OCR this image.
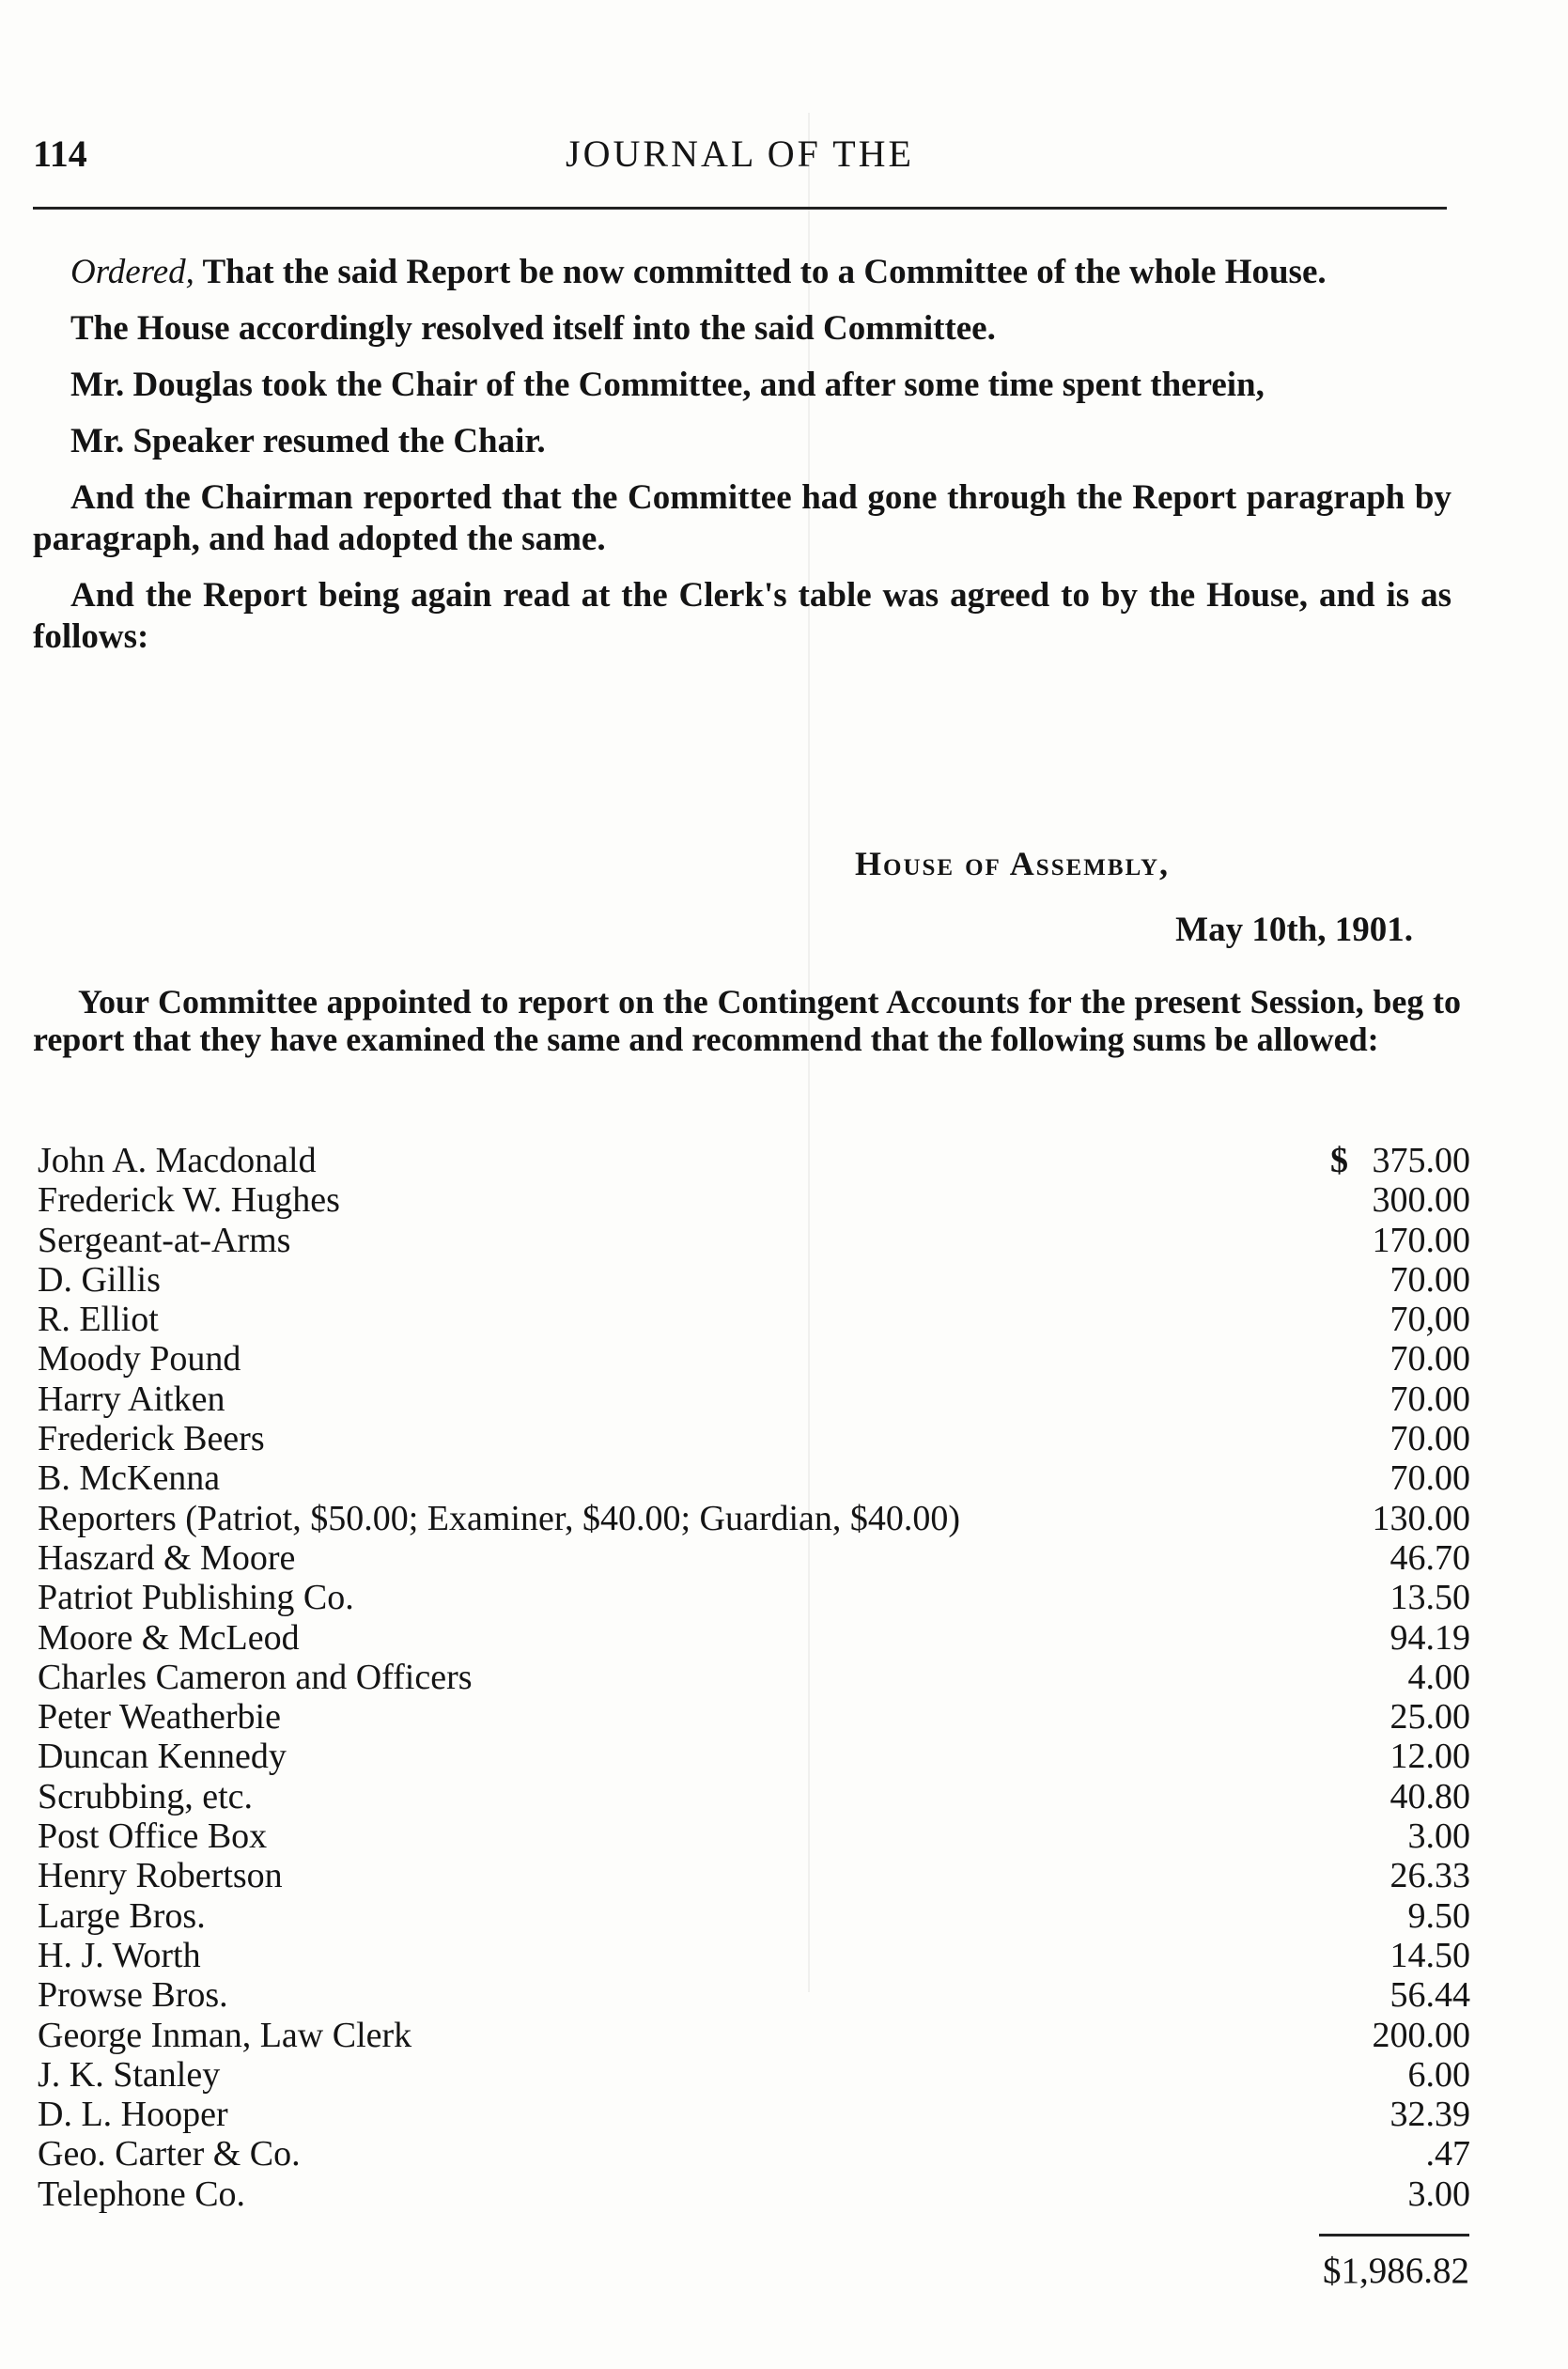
114	JOURNAL OF THE

Ordered, That the said Report be now committed to a Committee of the whole House.

The House accordingly resolved itself into the said Committee.

Mr. Douglas took the Chair of the Committee, and after some time spent therein,

Mr. Speaker resumed the Chair.

And the Chairman reported that the Committee had gone through the Report paragraph by paragraph, and had adopted the same.

And the Report being again read at the Clerk's table was agreed to by the House, and is as follows:

House of Assembly,
May 10th, 1901.
Your Committee appointed to report on the Contingent Accounts for the present Session, beg to report that they have examined the same and recommend that the following sums be allowed:
John A. Macdonald	$ 375.00
Frederick W. Hughes	300.00
Sergeant-at-Arms	170.00
D. Gillis	70.00
R. Elliot	70,00
Moody Pound	70.00
Harry Aitken	70.00
Frederick Beers	70.00
B. McKenna	70.00
Reporters (Patriot, $50.00; Examiner, $40.00; Guardian, $40.00)	130.00
Haszard & Moore	46.70
Patriot Publishing Co.	13.50
Moore & McLeod	94.19
Charles Cameron and Officers	4.00
Peter Weatherbie	25.00
Duncan Kennedy	12.00
Scrubbing, etc.	40.80
Post Office Box	3.00
Henry Robertson	26.33
Large Bros.	9.50
H. J. Worth	14.50
Prowse Bros.	56.44
George Inman, Law Clerk	200.00
J. K. Stanley	6.00
D. L. Hooper	32.39
Geo. Carter & Co.	.47
Telephone Co.	3.00
$1,986.82
